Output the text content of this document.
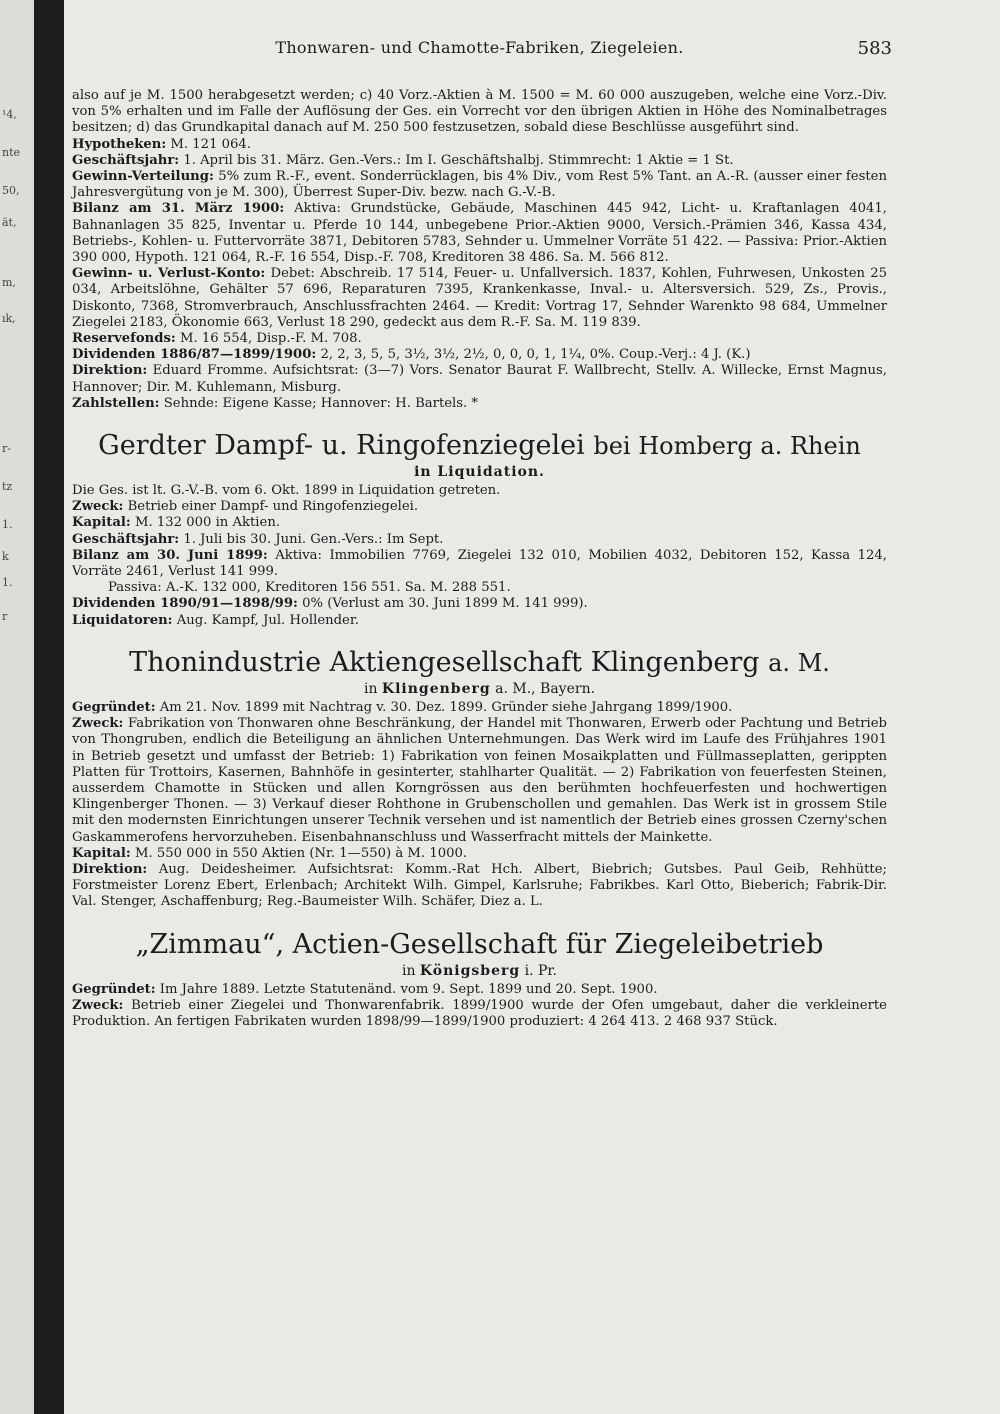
¹4,
nte
50,
ät,
m,
ık,
r-
tz
1.
k
1.
r
Thonwaren- und Chamotte-Fabriken, Ziegeleien.	583

also auf je M. 1500 herabgesetzt werden; c) 40 Vorz.-Aktien à M. 1500 = M. 60 000 auszugeben, welche eine Vorz.-Div. von 5% erhalten und im Falle der Auflösung der Ges. ein Vorrecht vor den übrigen Aktien in Höhe des Nominalbetrages besitzen; d) das Grundkapital danach auf M. 250 500 festzusetzen, sobald diese Beschlüsse ausgeführt sind.

Hypotheken: M. 121 064.

Geschäftsjahr: 1. April bis 31. März. Gen.-Vers.: Im I. Geschäftshalbj. Stimmrecht: 1 Aktie = 1 St.

Gewinn-Verteilung: 5% zum R.-F., event. Sonderrücklagen, bis 4% Div., vom Rest 5% Tant. an A.-R. (ausser einer festen Jahresvergütung von je M. 300), Überrest Super-Div. bezw. nach G.-V.-B.

Bilanz am 31. März 1900: Aktiva: Grundstücke, Gebäude, Maschinen 445 942, Licht- u. Kraftanlagen 4041, Bahnanlagen 35 825, Inventar u. Pferde 10 144, unbegebene Prior.-Aktien 9000, Versich.-Prämien 346, Kassa 434, Betriebs-, Kohlen- u. Futtervorräte 3871, Debitoren 5783, Sehnder u. Ummelner Vorräte 51 422. — Passiva: Prior.-Aktien 390 000, Hypoth. 121 064, R.-F. 16 554, Disp.-F. 708, Kreditoren 38 486. Sa. M. 566 812.

Gewinn- u. Verlust-Konto: Debet: Abschreib. 17 514, Feuer- u. Unfallversich. 1837, Kohlen, Fuhrwesen, Unkosten 25 034, Arbeitslöhne, Gehälter 57 696, Reparaturen 7395, Krankenkasse, Inval.- u. Altersversich. 529, Zs., Provis., Diskonto, 7368, Stromverbrauch, Anschlussfrachten 2464. — Kredit: Vortrag 17, Sehnder Warenkto 98 684, Ummelner Ziegelei 2183, Ökonomie 663, Verlust 18 290, gedeckt aus dem R.-F. Sa. M. 119 839.

Reservefonds: M. 16 554, Disp.-F. M. 708.

Dividenden 1886/87—1899/1900: 2, 2, 3, 5, 5, 3½, 3½, 2½, 0, 0, 0, 1, 1¼, 0%. Coup.-Verj.: 4 J. (K.)

Direktion: Eduard Fromme. Aufsichtsrat: (3—7) Vors. Senator Baurat F. Wallbrecht, Stellv. A. Willecke, Ernst Magnus, Hannover; Dir. M. Kuhlemann, Misburg.

Zahlstellen: Sehnde: Eigene Kasse; Hannover: H. Bartels. *

Gerdter Dampf- u. Ringofenziegelei bei Homberg a. Rhein
in Liquidation.

Die Ges. ist lt. G.-V.-B. vom 6. Okt. 1899 in Liquidation getreten.

Zweck: Betrieb einer Dampf- und Ringofenziegelei.

Kapital: M. 132 000 in Aktien.

Geschäftsjahr: 1. Juli bis 30. Juni. Gen.-Vers.: Im Sept.

Bilanz am 30. Juni 1899: Aktiva: Immobilien 7769, Ziegelei 132 010, Mobilien 4032, Debitoren 152, Kassa 124, Vorräte 2461, Verlust 141 999.

Passiva: A.-K. 132 000, Kreditoren 156 551. Sa. M. 288 551.

Dividenden 1890/91—1898/99: 0% (Verlust am 30. Juni 1899 M. 141 999).

Liquidatoren: Aug. Kampf, Jul. Hollender.

Thonindustrie Aktiengesellschaft Klingenberg a. M.
in Klingenberg a. M., Bayern.

Gegründet: Am 21. Nov. 1899 mit Nachtrag v. 30. Dez. 1899. Gründer siehe Jahrgang 1899/1900.

Zweck: Fabrikation von Thonwaren ohne Beschränkung, der Handel mit Thonwaren, Erwerb oder Pachtung und Betrieb von Thongruben, endlich die Beteiligung an ähnlichen Unternehmungen. Das Werk wird im Laufe des Frühjahres 1901 in Betrieb gesetzt und umfasst der Betrieb: 1) Fabrikation von feinen Mosaikplatten und Füllmasseplatten, gerippten Platten für Trottoirs, Kasernen, Bahnhöfe in gesinterter, stahlharter Qualität. — 2) Fabrikation von feuerfesten Steinen, ausserdem Chamotte in Stücken und allen Korngrössen aus den berühmten hochfeuerfesten und hochwertigen Klingenberger Thonen. — 3) Verkauf dieser Rohthone in Grubenschollen und gemahlen. Das Werk ist in grossem Stile mit den modernsten Einrichtungen unserer Technik versehen und ist namentlich der Betrieb eines grossen Czerny'schen Gaskammerofens hervorzuheben. Eisenbahnanschluss und Wasserfracht mittels der Mainkette.

Kapital: M. 550 000 in 550 Aktien (Nr. 1—550) à M. 1000.

Direktion: Aug. Deidesheimer. Aufsichtsrat: Komm.-Rat Hch. Albert, Biebrich; Gutsbes. Paul Geib, Rehhütte; Forstmeister Lorenz Ebert, Erlenbach; Architekt Wilh. Gimpel, Karlsruhe; Fabrikbes. Karl Otto, Bieberich; Fabrik-Dir. Val. Stenger, Aschaffenburg; Reg.-Baumeister Wilh. Schäfer, Diez a. L.

„Zimmau“, Actien-Gesellschaft für Ziegeleibetrieb
in Königsberg i. Pr.

Gegründet: Im Jahre 1889. Letzte Statutenänd. vom 9. Sept. 1899 und 20. Sept. 1900.

Zweck: Betrieb einer Ziegelei und Thonwarenfabrik. 1899/1900 wurde der Ofen umgebaut, daher die verkleinerte Produktion. An fertigen Fabrikaten wurden 1898/99—1899/1900 produziert: 4 264 413. 2 468 937 Stück.
